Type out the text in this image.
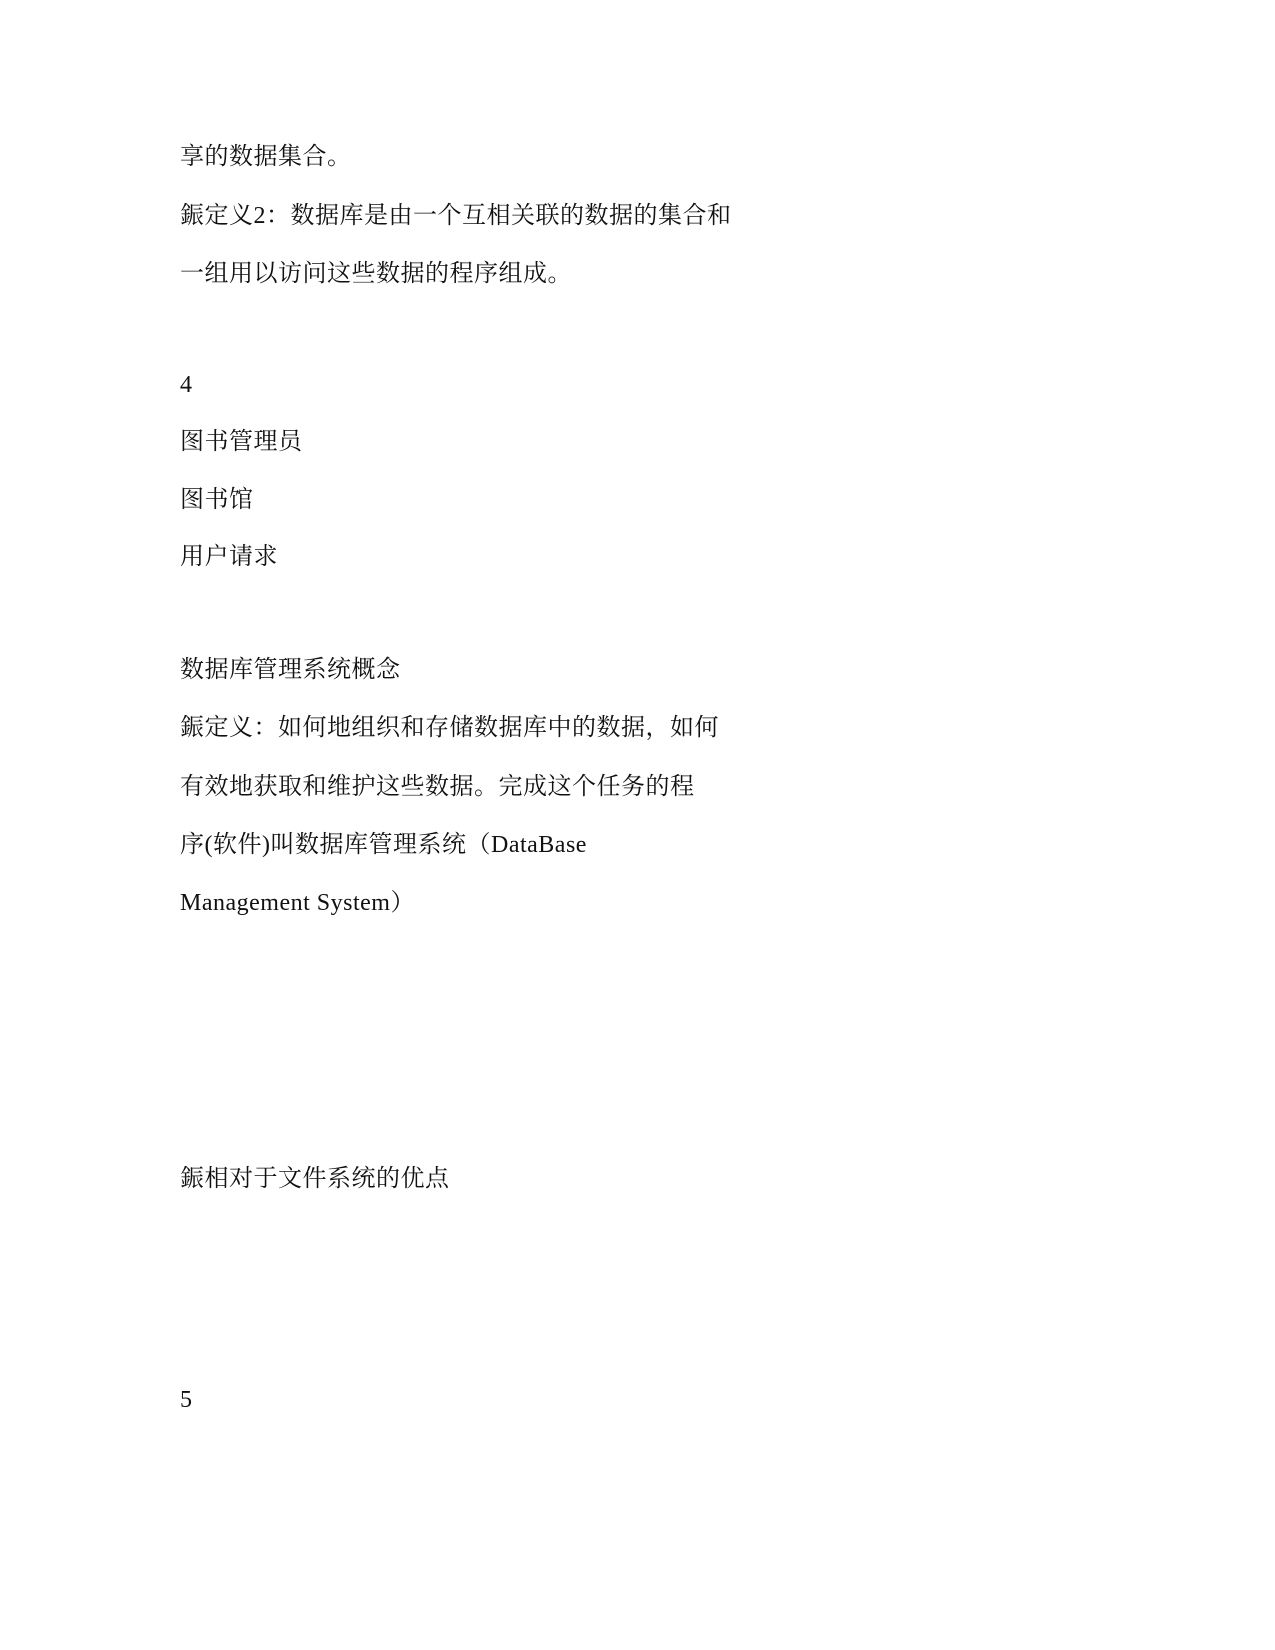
享的数据集合。
鋠定义2：数据库是由一个互相关联的数据的集合和
一组用以访问这些数据的程序组成。
4
图书管理员
图书馆
用户请求
数据库管理系统概念
鋠定义：如何地组织和存储数据库中的数据，如何
有效地获取和维护这些数据。完成这个任务的程
序(软件)叫数据库管理系统（DataBase
Management System）
鋠相对于文件系统的优点
5
